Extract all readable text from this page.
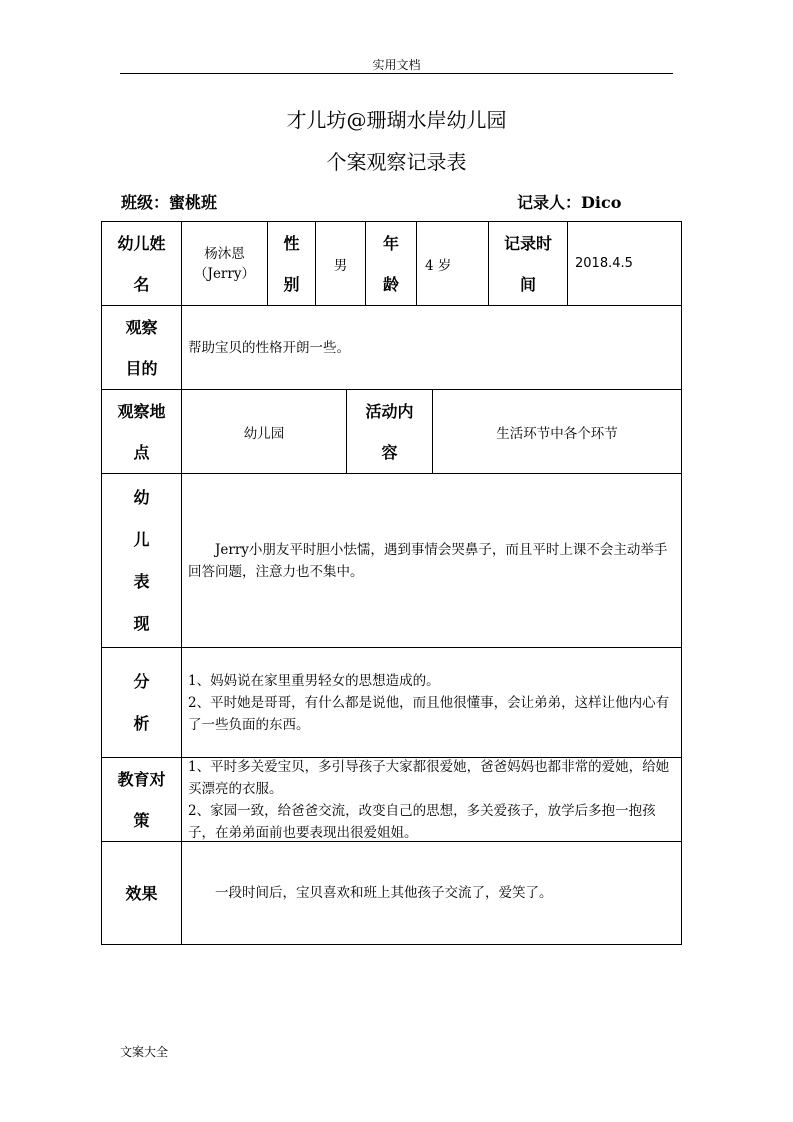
实用文档
才儿坊@珊瑚水岸幼儿园
个案观察记录表
班级：蜜桃班	记录人：Dico
幼儿姓名
杨沐恩（Jerry）
性别
男
年龄
4 岁
记录时间
2018.4.5
观察目的
帮助宝贝的性格开朗一些。
观察地点
幼儿园
活动内容
生活环节中各个环节
幼儿表现
Jerry小朋友平时胆小怯懦，遇到事情会哭鼻子，而且平时上课不会主动举手回答问题，注意力也不集中。
分析
1、妈妈说在家里重男轻女的思想造成的。
2、平时她是哥哥，有什么都是说他，而且他很懂事，会让弟弟，这样让他内心有了一些负面的东西。
教育对策
1、平时多关爱宝贝，多引导孩子大家都很爱她，爸爸妈妈也都非常的爱她，给她买漂亮的衣服。
2、家园一致，给爸爸交流，改变自己的思想，多关爱孩子，放学后多抱一抱孩子，在弟弟面前也要表现出很爱姐姐。
效果	一段时间后，宝贝喜欢和班上其他孩子交流了，爱笑了。
文案大全
